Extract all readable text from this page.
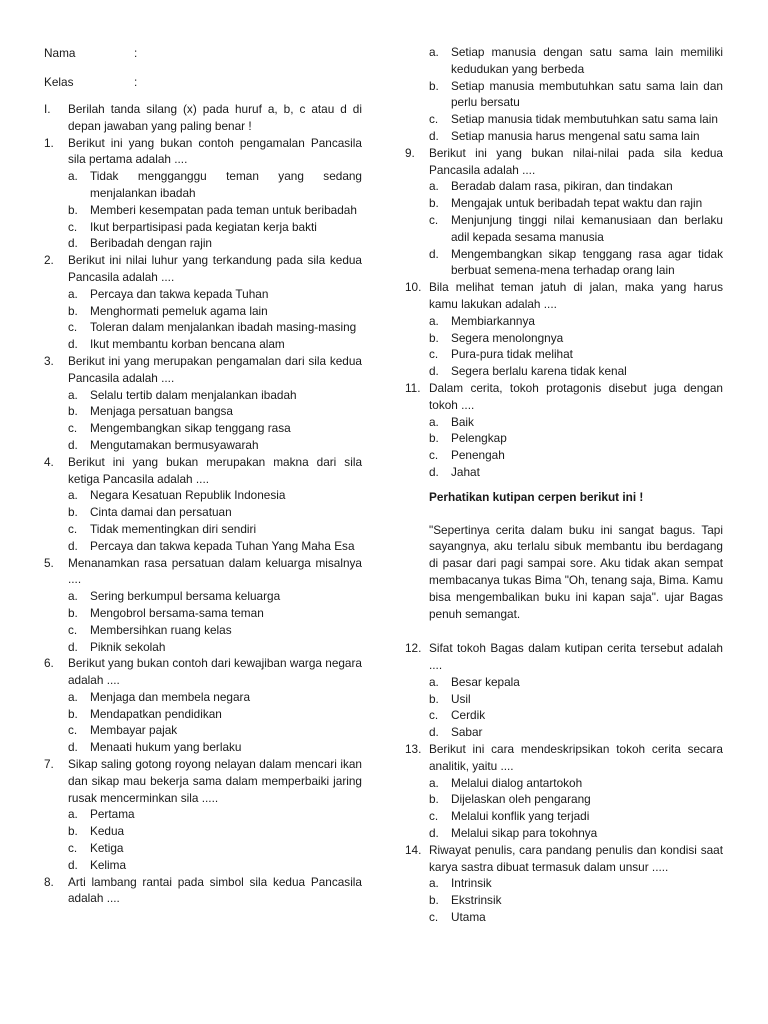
Nama	:
Kelas	:
I.	Berilah tanda silang (x) pada huruf a, b, c atau d di depan jawaban yang paling benar !
1.	Berikut ini yang bukan contoh pengamalan Pancasila sila pertama adalah ....
a.	Tidak mengganggu teman yang sedang menjalankan ibadah
b.	Memberi kesempatan pada teman untuk beribadah
c.	Ikut berpartisipasi pada kegiatan kerja bakti
d.	Beribadah dengan rajin
2.	Berikut ini nilai luhur yang terkandung pada sila kedua Pancasila adalah ....
a.	Percaya dan takwa kepada Tuhan
b.	Menghormati pemeluk agama lain
c.	Toleran dalam menjalankan ibadah masing-masing
d.	Ikut membantu korban bencana alam
3.	Berikut ini yang merupakan pengamalan dari sila kedua Pancasila adalah ....
a.	Selalu tertib dalam menjalankan ibadah
b.	Menjaga persatuan bangsa
c.	Mengembangkan sikap tenggang rasa
d.	Mengutamakan bermusyawarah
4.	Berikut ini yang bukan merupakan makna dari sila ketiga Pancasila adalah ....
a.	Negara Kesatuan Republik Indonesia
b.	Cinta damai dan persatuan
c.	Tidak mementingkan diri sendiri
d.	Percaya dan takwa kepada Tuhan Yang Maha Esa
5.	Menanamkan rasa persatuan dalam keluarga misalnya ....
a.	Sering berkumpul bersama keluarga
b.	Mengobrol bersama-sama teman
c.	Membersihkan ruang kelas
d.	Piknik sekolah
6.	Berikut yang bukan contoh dari kewajiban warga negara adalah ....
a.	Menjaga dan membela negara
b.	Mendapatkan pendidikan
c.	Membayar pajak
d.	Menaati hukum yang berlaku
7.	Sikap saling gotong royong nelayan dalam mencari ikan dan sikap mau bekerja sama dalam memperbaiki jaring rusak mencerminkan sila .....
a.	Pertama
b.	Kedua
c.	Ketiga
d.	Kelima
8.	Arti lambang rantai pada simbol sila kedua Pancasila adalah ....
a.	Setiap manusia dengan satu sama lain memiliki kedudukan yang berbeda
b.	Setiap manusia membutuhkan satu sama lain dan perlu bersatu
c.	Setiap manusia tidak membutuhkan satu sama lain
d.	Setiap manusia harus mengenal satu sama lain
9.	Berikut ini yang bukan nilai-nilai pada sila kedua Pancasila adalah ....
a.	Beradab dalam rasa, pikiran, dan tindakan
b.	Mengajak untuk beribadah tepat waktu dan rajin
c.	Menjunjung tinggi nilai kemanusiaan dan berlaku adil kepada sesama manusia
d.	Mengembangkan sikap tenggang rasa agar tidak berbuat semena-mena terhadap orang lain
10. Bila melihat teman jatuh di jalan, maka yang harus kamu lakukan adalah ....
a.	Membiarkannya
b.	Segera menolongnya
c.	Pura-pura tidak melihat
d.	Segera berlalu karena tidak kenal
11. Dalam cerita, tokoh protagonis disebut juga dengan tokoh ....
a.	Baik
b.	Pelengkap
c.	Penengah
d.	Jahat
Perhatikan kutipan cerpen berikut ini !
"Sepertinya cerita dalam buku ini sangat bagus. Tapi sayangnya, aku terlalu sibuk membantu ibu berdagang di pasar dari pagi sampai sore. Aku tidak akan sempat membacanya tukas Bima "Oh, tenang saja, Bima. Kamu bisa mengembalikan buku ini kapan saja". ujar Bagas penuh semangat.
12. Sifat tokoh Bagas dalam kutipan cerita tersebut adalah ....
a.	Besar kepala
b.	Usil
c.	Cerdik
d.	Sabar
13. Berikut ini cara mendeskripsikan tokoh cerita secara analitik, yaitu ....
a.	Melalui dialog antartokoh
b.	Dijelaskan oleh pengarang
c.	Melalui konflik yang terjadi
d.	Melalui sikap para tokohnya
14. Riwayat penulis, cara pandang penulis dan kondisi saat karya sastra dibuat termasuk dalam unsur .....
a.	Intrinsik
b.	Ekstrinsik
c.	Utama
